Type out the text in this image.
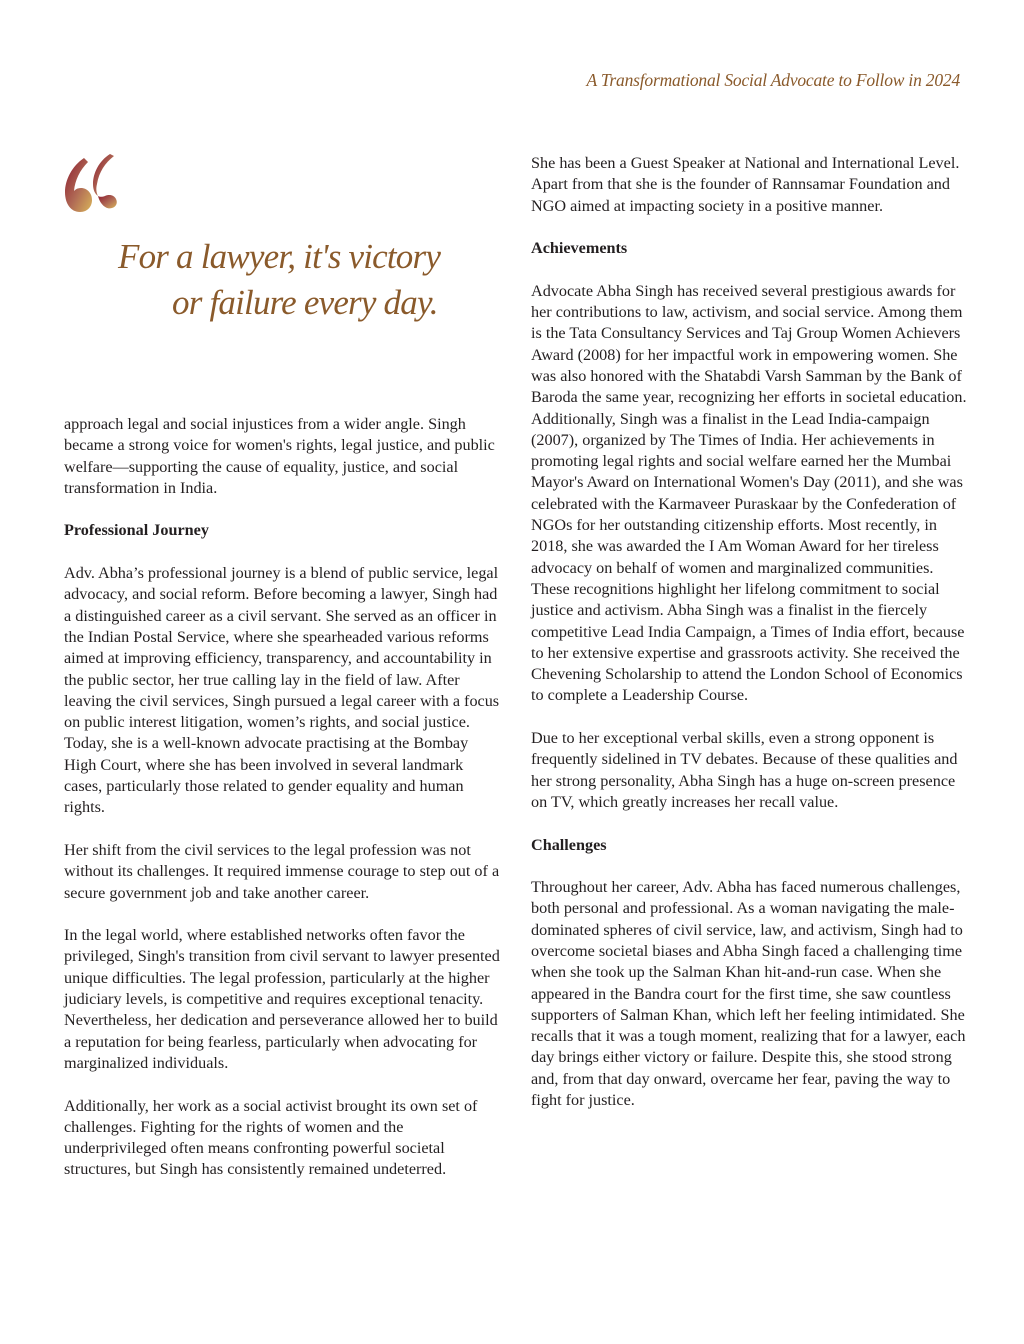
A Transformational Social Advocate to Follow in 2024
For a lawyer, it's victory
or failure every day.

approach legal and social injustices from a wider angle. Singh became a strong voice for women's rights, legal justice, and public welfare—supporting the cause of equality, justice, and social transformation in India.

Professional Journey

Adv. Abha’s professional journey is a blend of public service, legal advocacy, and social reform. Before becoming a lawyer, Singh had a distinguished career as a civil servant. She served as an officer in the Indian Postal Service, where she spearheaded various reforms aimed at improving efficiency, transparency, and accountability in the public sector, her true calling lay in the field of law. After leaving the civil services, Singh pursued a legal career with a focus on public interest litigation, women’s rights, and social justice. Today, she is a well-known advocate practising at the Bombay High Court, where she has been involved in several landmark cases, particularly those related to gender equality and human rights.

Her shift from the civil services to the legal profession was not without its challenges. It required immense courage to step out of a secure government job and take another career.

In the legal world, where established networks often favor the privileged, Singh's transition from civil servant to lawyer presented unique difficulties. The legal profession, particularly at the higher judiciary levels, is competitive and requires exceptional tenacity. Nevertheless, her dedication and perseverance allowed her to build a reputation for being fearless, particularly when advocating for marginalized individuals.

Additionally, her work as a social activist brought its own set of challenges. Fighting for the rights of women and the underprivileged often means confronting powerful societal structures, but Singh has consistently remained undeterred.

She has been a Guest Speaker at National and International Level. Apart from that she is the founder of Rannsamar Foundation and NGO aimed at impacting society in a positive manner.

Achievements

Advocate Abha Singh has received several prestigious awards for her contributions to law, activism, and social service. Among them is the Tata Consultancy Services and Taj Group Women Achievers Award (2008) for her impactful work in empowering women. She was also honored with the Shatabdi Varsh Samman by the Bank of Baroda the same year, recognizing her efforts in societal education. Additionally, Singh was a finalist in the Lead India-campaign (2007), organized by The Times of India. Her achievements in promoting legal rights and social welfare earned her the Mumbai Mayor's Award on International Women's Day (2011), and she was celebrated with the Karmaveer Puraskaar by the Confederation of NGOs for her outstanding citizenship efforts. Most recently, in 2018, she was awarded the I Am Woman Award for her tireless advocacy on behalf of women and marginalized communities. These recognitions highlight her lifelong commitment to social justice and activism. Abha Singh was a finalist in the fiercely competitive Lead India Campaign, a Times of India effort, because to her extensive expertise and grassroots activity. She received the Chevening Scholarship to attend the London School of Economics to complete a Leadership Course.

Due to her exceptional verbal skills, even a strong opponent is frequently sidelined in TV debates. Because of these qualities and her strong personality, Abha Singh has a huge on-screen presence on TV, which greatly increases her recall value.

Challenges

Throughout her career, Adv. Abha has faced numerous challenges, both personal and professional. As a woman navigating the male-dominated spheres of civil service, law, and activism, Singh had to overcome societal biases and Abha Singh faced a challenging time when she took up the Salman Khan hit-and-run case. When she appeared in the Bandra court for the first time, she saw countless supporters of Salman Khan, which left her feeling intimidated. She recalls that it was a tough moment, realizing that for a lawyer, each day brings either victory or failure. Despite this, she stood strong and, from that day onward, overcame her fear, paving the way to fight for justice.
